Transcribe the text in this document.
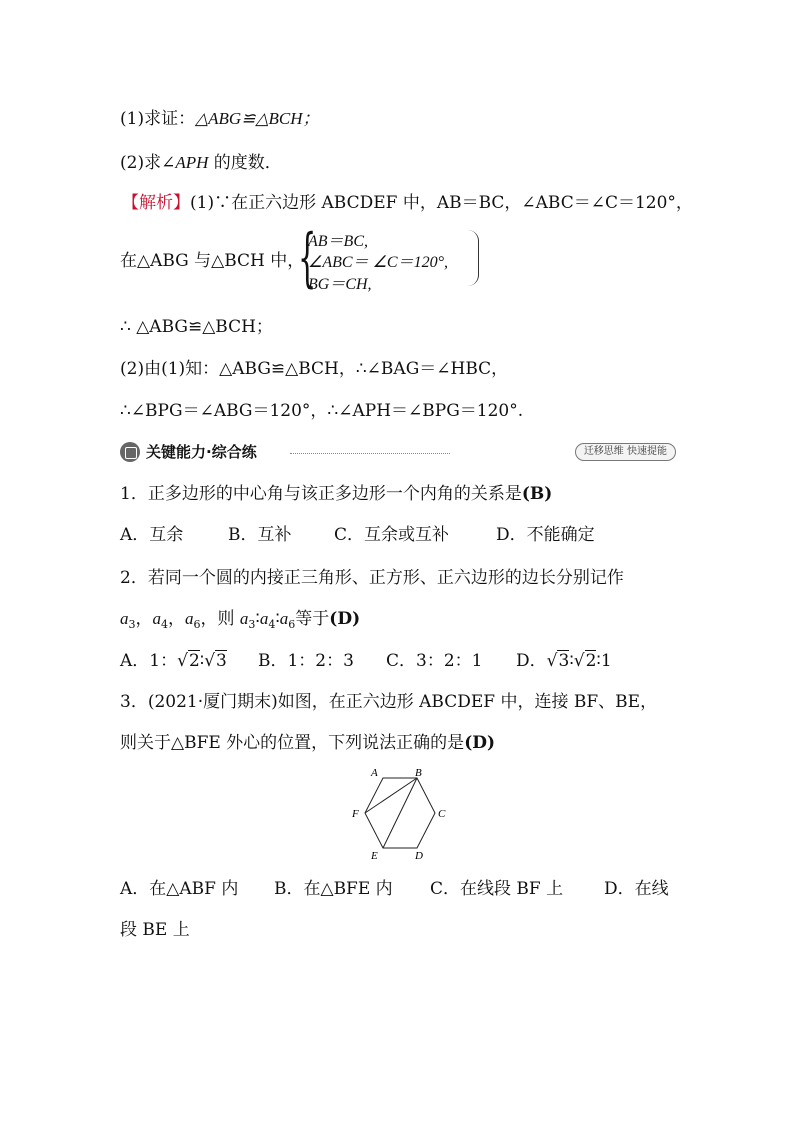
(1)求证：△ABG≌△BCH；
(2)求∠APH 的度数．
【解析】(1)∵在正六边形 ABCDEF 中，AB＝BC，∠ABC＝∠C＝120°，
在△ABG 与△BCH 中，
{
AB＝BC,
∠ABC＝ ∠C＝120°,
BG＝CH,
∴ △ABG≌△BCH；
(2)由(1)知：△ABG≌△BCH，∴∠BAG＝∠HBC，
∴∠BPG＝∠ABG＝120°，∴∠APH＝∠BPG＝120°.
关键能力·综合练	迁移思维 快速提能
1．正多边形的中心角与该正多边形一个内角的关系是(B)
A．互余	B．互补	C．互余或互补	D．不能确定
2．若同一个圆的内接正三角形、正方形、正六边形的边长分别记作
$a_3$，$a_4$，$a_6$，则 $a_3∶a_4∶a_6$等于(D)
A．1：√2∶√3 B．1：2：3 C．3：2：1 D．√3∶√2∶1
3．(2021·厦门期末)如图，在正六边形 ABCDEF 中，连接 BF、BE，
则关于△BFE 外心的位置，下列说法正确的是(D)
A	B
C
D
E
F
A．在△ABF 内 B．在△BFE 内 C．在线段 BF 上 D．在线
段 BE 上
